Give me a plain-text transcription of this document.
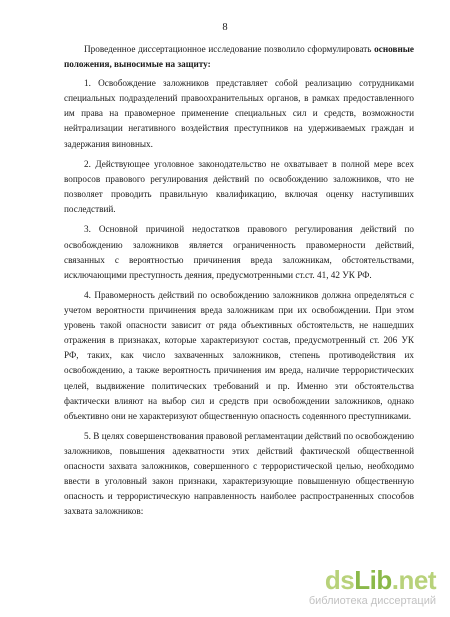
8

Проведенное диссертационное исследование позволило сформулировать основные положения, выносимые на защиту:

1. Освобождение заложников представляет собой реализацию сотрудниками специальных подразделений правоохранительных органов, в рамках предоставленного им права на правомерное применение специальных сил и средств, возможности нейтрализации негативного воздействия преступников на удерживаемых граждан и задержания виновных.

2. Действующее уголовное законодательство не охватывает в полной мере всех вопросов правового регулирования действий по освобождению заложников, что не позволяет проводить правильную квалификацию, включая оценку наступивших последствий.

3. Основной причиной недостатков правового регулирования действий по освобождению заложников является ограниченность правомерности действий, связанных с вероятностью причинения вреда заложникам, обстоятельствами, исключающими преступность деяния, предусмотренными ст.ст. 41, 42 УК РФ.

4. Правомерность действий по освобождению заложников должна определяться с учетом вероятности причинения вреда заложникам при их освобождении. При этом уровень такой опасности зависит от ряда объективных обстоятельств, не нашедших отражения в признаках, которые характеризуют состав, предусмотренный ст. 206 УК РФ, таких, как число захваченных заложников, степень противодействия их освобождению, а также вероятность причинения им вреда, наличие террористических целей, выдвижение политических требований и пр. Именно эти обстоятельства фактически влияют на выбор сил и средств при освобождении заложников, однако объективно они не характеризуют общественную опасность содеянного преступниками.

5. В целях совершенствования правовой регламентации действий по освобождению заложников, повышения адекватности этих действий фактической общественной опасности захвата заложников, совершенного с террористической целью, необходимо ввести в уголовный закон признаки, характеризующие повышенную общественную опасность и террористическую направленность наиболее распространенных способов захвата заложников:

dsLib.net
библиотека диссертаций
